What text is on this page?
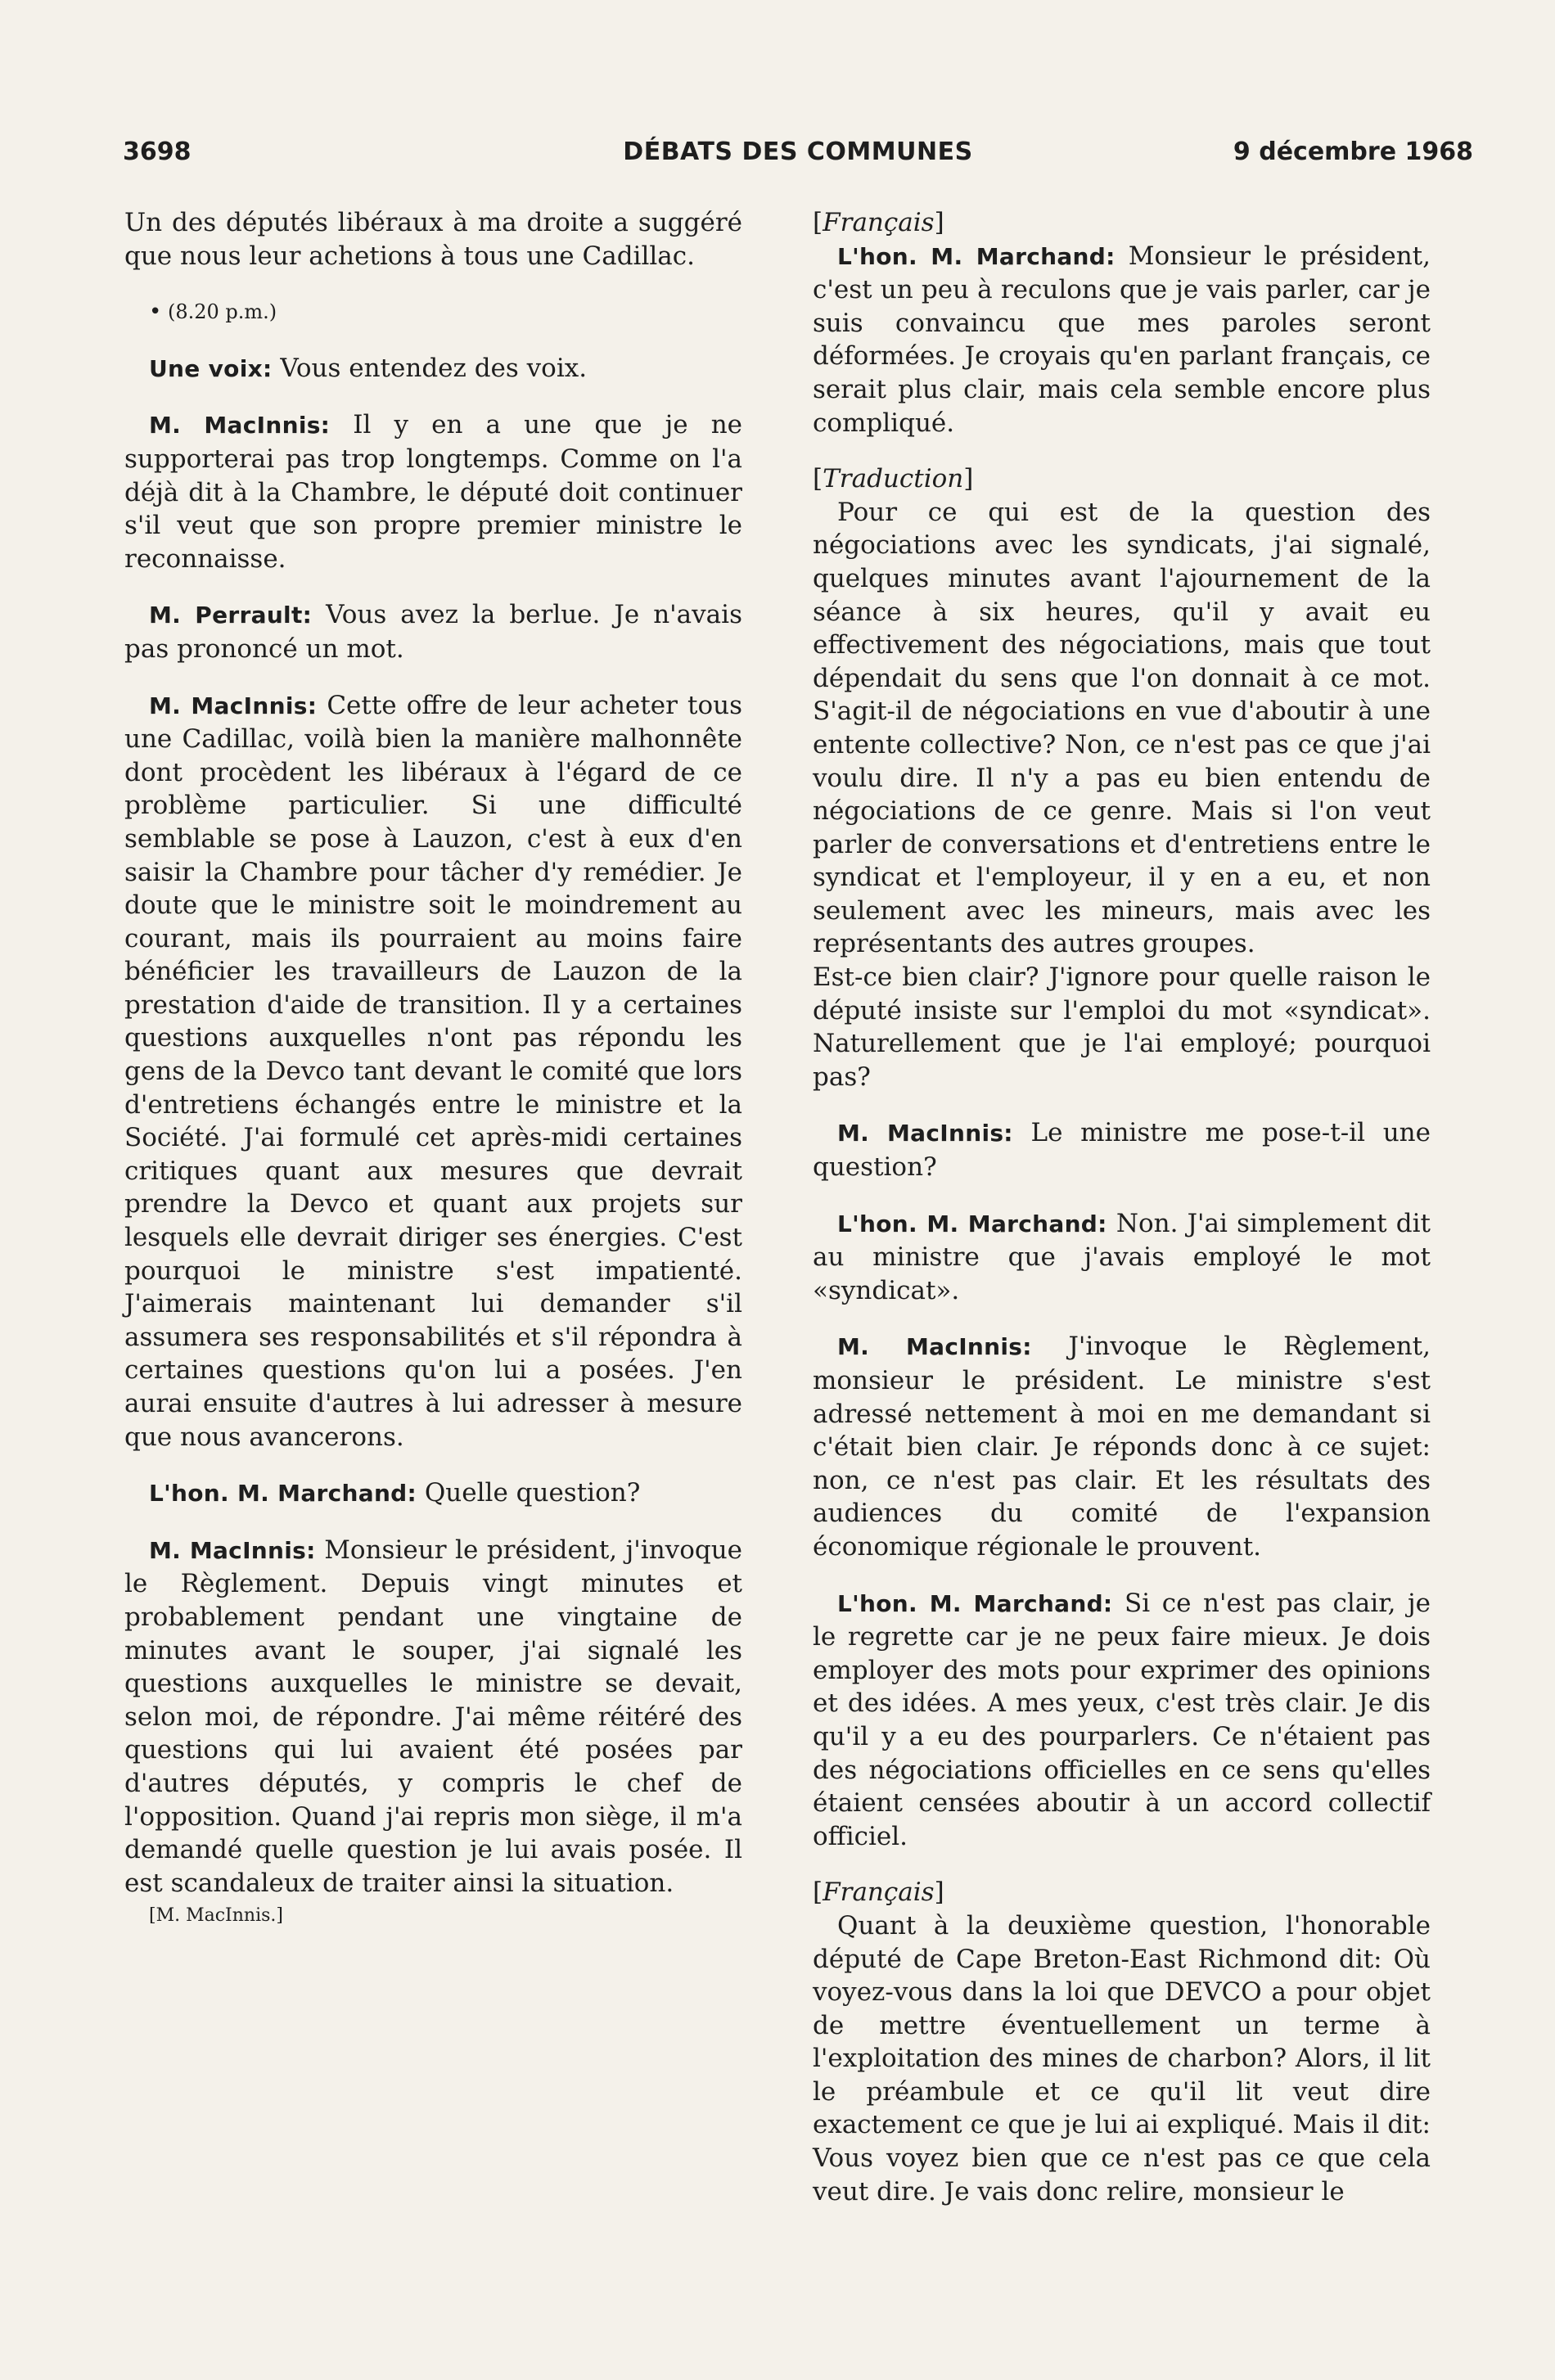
3698	DÉBATS DES COMMUNES	9 décembre 1968

Un des députés libéraux à ma droite a suggéré que nous leur achetions à tous une Cadillac.

• (8.20 p.m.)

Une voix: Vous entendez des voix.

M. MacInnis: Il y en a une que je ne supporterai pas trop longtemps. Comme on l'a déjà dit à la Chambre, le député doit continuer s'il veut que son propre premier ministre le reconnaisse.

M. Perrault: Vous avez la berlue. Je n'avais pas prononcé un mot.

M. MacInnis: Cette offre de leur acheter tous une Cadillac, voilà bien la manière malhonnête dont procèdent les libéraux à l'égard de ce problème particulier. Si une difficulté semblable se pose à Lauzon, c'est à eux d'en saisir la Chambre pour tâcher d'y remédier. Je doute que le ministre soit le moindrement au courant, mais ils pourraient au moins faire bénéficier les travailleurs de Lauzon de la prestation d'aide de transition. Il y a certaines questions auxquelles n'ont pas répondu les gens de la Devco tant devant le comité que lors d'entretiens échangés entre le ministre et la Société. J'ai formulé cet après-midi certaines critiques quant aux mesures que devrait prendre la Devco et quant aux projets sur lesquels elle devrait diriger ses énergies. C'est pourquoi le ministre s'est impatienté. J'aimerais maintenant lui demander s'il assumera ses responsabilités et s'il répondra à certaines questions qu'on lui a posées. J'en aurai ensuite d'autres à lui adresser à mesure que nous avancerons.

L'hon. M. Marchand: Quelle question?

M. MacInnis: Monsieur le président, j'invoque le Règlement. Depuis vingt minutes et probablement pendant une vingtaine de minutes avant le souper, j'ai signalé les questions auxquelles le ministre se devait, selon moi, de répondre. J'ai même réitéré des questions qui lui avaient été posées par d'autres députés, y compris le chef de l'opposition. Quand j'ai repris mon siège, il m'a demandé quelle question je lui avais posée. Il est scandaleux de traiter ainsi la situation.

[M. MacInnis.]

[Français]

L'hon. M. Marchand: Monsieur le président, c'est un peu à reculons que je vais parler, car je suis convaincu que mes paroles seront déformées. Je croyais qu'en parlant français, ce serait plus clair, mais cela semble encore plus compliqué.

[Traduction]

Pour ce qui est de la question des négociations avec les syndicats, j'ai signalé, quelques minutes avant l'ajournement de la séance à six heures, qu'il y avait eu effectivement des négociations, mais que tout dépendait du sens que l'on donnait à ce mot. S'agit-il de négociations en vue d'aboutir à une entente collective? Non, ce n'est pas ce que j'ai voulu dire. Il n'y a pas eu bien entendu de négociations de ce genre. Mais si l'on veut parler de conversations et d'entretiens entre le syndicat et l'employeur, il y en a eu, et non seulement avec les mineurs, mais avec les représentants des autres groupes.

Est-ce bien clair? J'ignore pour quelle raison le député insiste sur l'emploi du mot «syndicat». Naturellement que je l'ai employé; pourquoi pas?

M. MacInnis: Le ministre me pose-t-il une question?

L'hon. M. Marchand: Non. J'ai simplement dit au ministre que j'avais employé le mot «syndicat».

M. MacInnis: J'invoque le Règlement, monsieur le président. Le ministre s'est adressé nettement à moi en me demandant si c'était bien clair. Je réponds donc à ce sujet: non, ce n'est pas clair. Et les résultats des audiences du comité de l'expansion économique régionale le prouvent.

L'hon. M. Marchand: Si ce n'est pas clair, je le regrette car je ne peux faire mieux. Je dois employer des mots pour exprimer des opinions et des idées. A mes yeux, c'est très clair. Je dis qu'il y a eu des pourparlers. Ce n'étaient pas des négociations officielles en ce sens qu'elles étaient censées aboutir à un accord collectif officiel.

[Français]

Quant à la deuxième question, l'honorable député de Cape Breton-East Richmond dit: Où voyez-vous dans la loi que DEVCO a pour objet de mettre éventuellement un terme à l'exploitation des mines de charbon? Alors, il lit le préambule et ce qu'il lit veut dire exactement ce que je lui ai expliqué. Mais il dit: Vous voyez bien que ce n'est pas ce que cela veut dire. Je vais donc relire, monsieur le
